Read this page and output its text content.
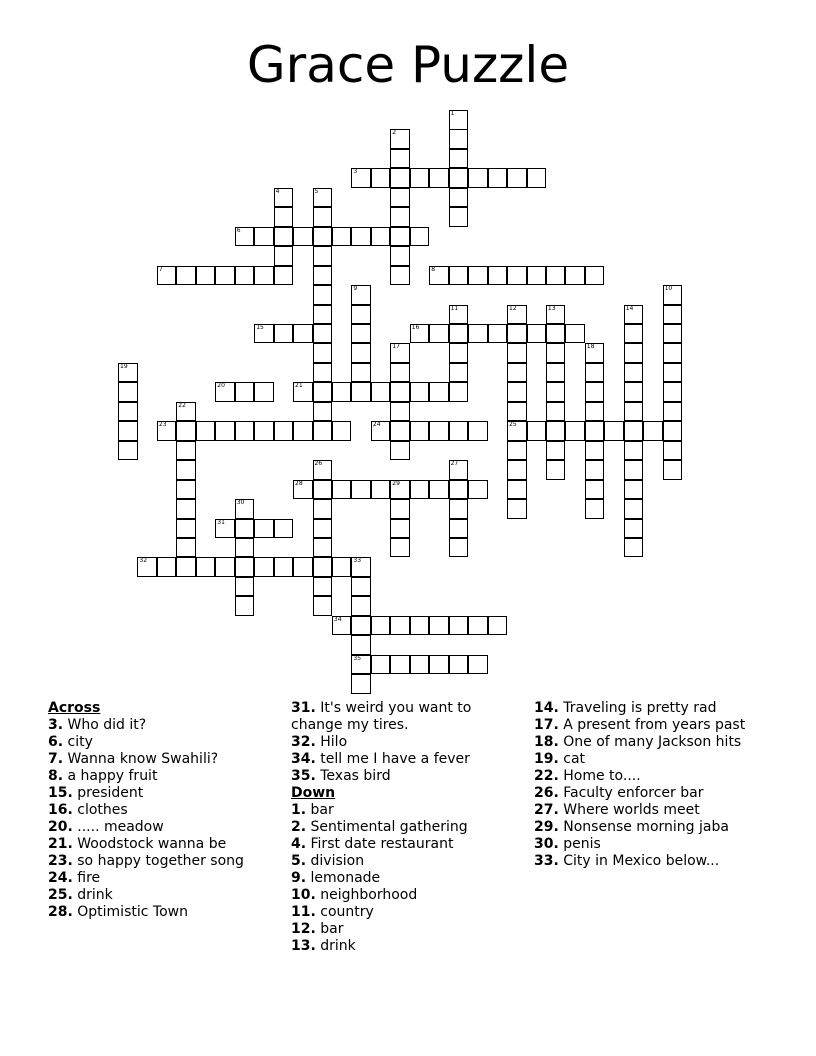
Grace Puzzle
3
6
7	8
15	16
20	21
23	24	25
28	29
31
32	33
34
35
1
2
4	5
9	10
11	12	13	14
17	18
19
22
26	27
30
Across
3. Who did it?
6. city
7. Wanna know Swahili?
8. a happy fruit
15. president
16. clothes
20. ..... meadow
21. Woodstock wanna be
23. so happy together song
24. fire
25. drink
28. Optimistic Town
31. It's weird you want to change my tires.
32. Hilo
34. tell me I have a fever
35. Texas bird
Down
1. bar
2. Sentimental gathering
4. First date restaurant
5. division
9. lemonade
10. neighborhood
11. country
12. bar
13. drink
14. Traveling is pretty rad
17. A present from years past
18. One of many Jackson hits
19. cat
22. Home to....
26. Faculty enforcer bar
27. Where worlds meet
29. Nonsense morning jaba
30. penis
33. City in Mexico below...
